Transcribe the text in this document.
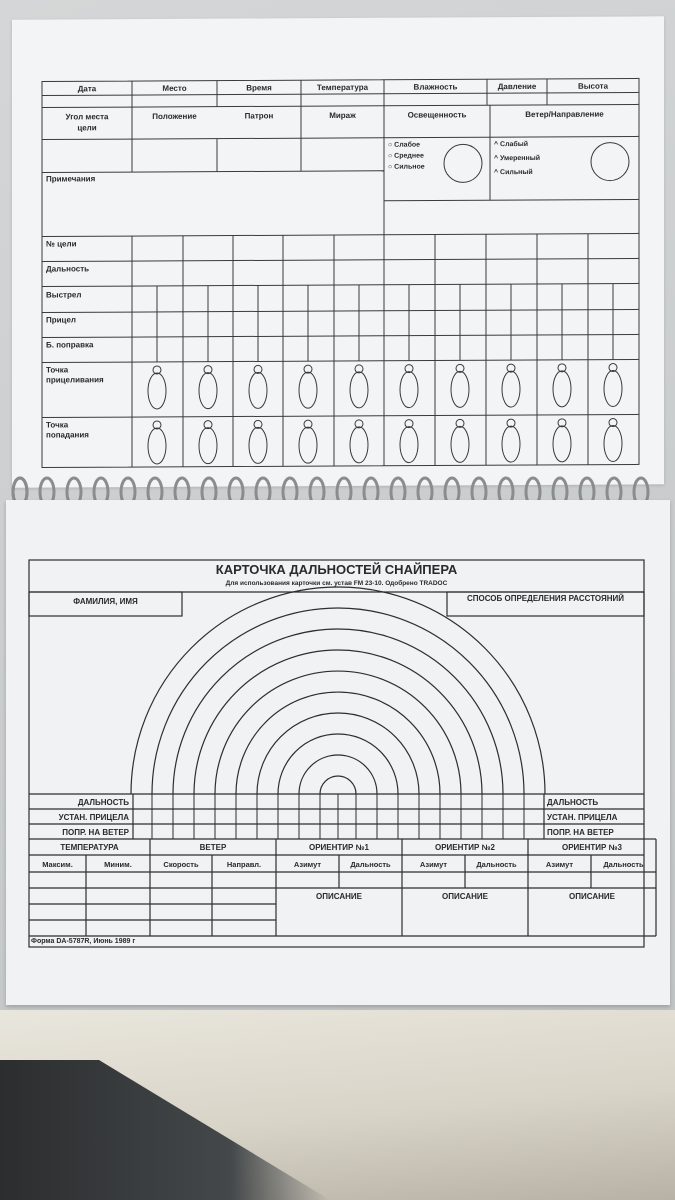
Дата	Место	Время	Температура	Влажность	Давление	Высота
Угол места
цели
Положение	Патрон	Мираж	Освещенность	Ветер/Направление
○ Слабое
○ Среднее
○ Сильное
^ Слабый
^ Умеренный
^ Сильный
Примечания
№ цели
Дальность
Выстрел
Прицел
Б. поправка
Точка
прицеливания
Точка
попадания
КАРТОЧКА ДАЛЬНОСТЕЙ СНАЙПЕРА
Для использования карточки см. устав FM 23-10. Одобрено TRADOC
ФАМИЛИЯ, ИМЯ	СПОСОБ ОПРЕДЕЛЕНИЯ РАССТОЯНИЙ
ДАЛЬНОСТЬ
УСТАН. ПРИЦЕЛА
ПОПР. НА ВЕТЕР
ДАЛЬНОСТЬ
УСТАН. ПРИЦЕЛА
ПОПР. НА ВЕТЕР
ТЕМПЕРАТУРА	ВЕТЕР	ОРИЕНТИР №1	ОРИЕНТИР №2	ОРИЕНТИР №3
Максим.	Миним.	Скорость	Направл.	Азимут	Дальность	Азимут	Дальность	Азимут	Дальность
ОПИСАНИЕ	ОПИСАНИЕ	ОПИСАНИЕ
Форма DA-5787R, Июнь 1989 г
